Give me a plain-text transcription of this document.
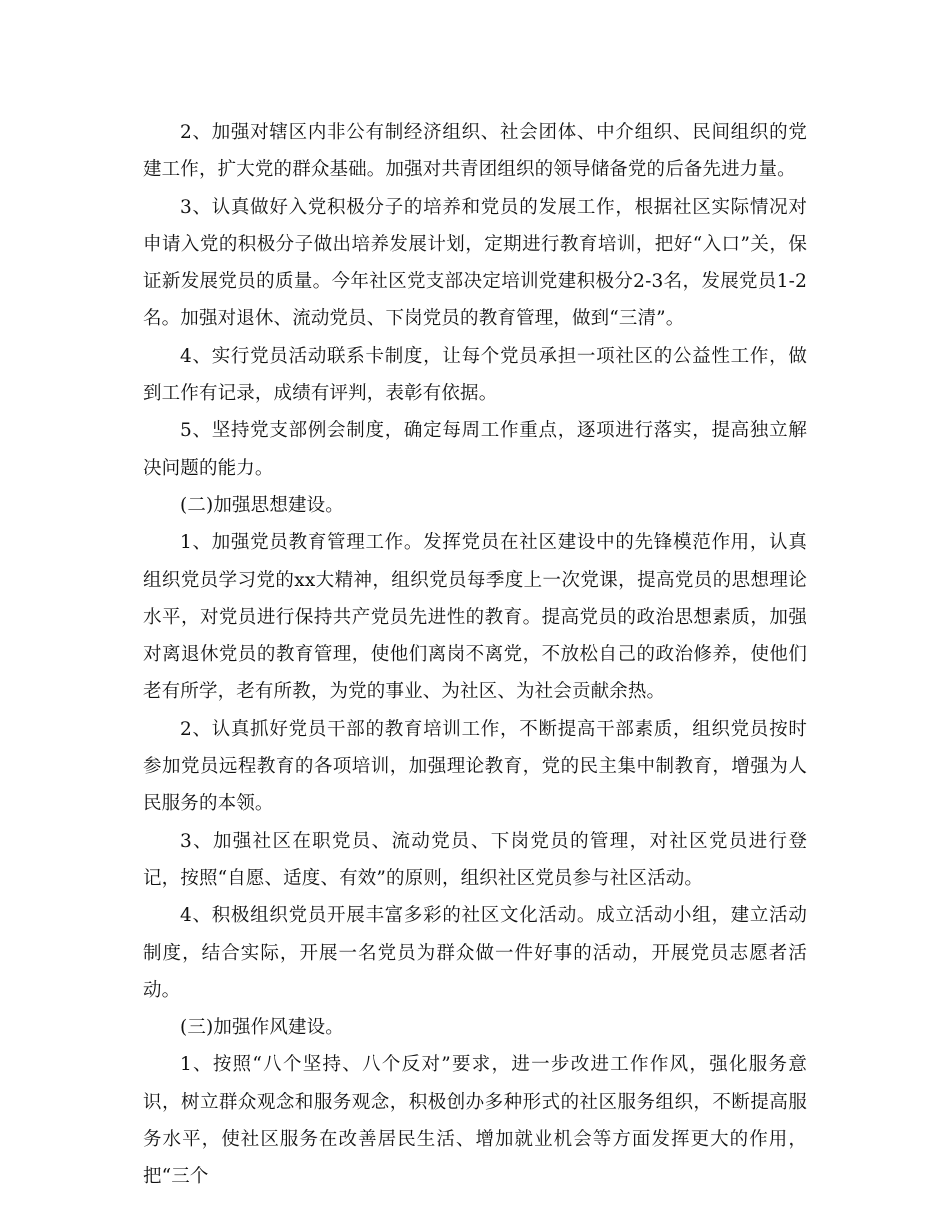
2、加强对辖区内非公有制经济组织、社会团体、中介组织、民间组织的党建工作，扩大党的群众基础。加强对共青团组织的领导储备党的后备先进力量。

3、认真做好入党积极分子的培养和党员的发展工作，根据社区实际情况对申请入党的积极分子做出培养发展计划，定期进行教育培训，把好“入口”关，保证新发展党员的质量。今年社区党支部决定培训党建积极分2-3名，发展党员1-2名。加强对退休、流动党员、下岗党员的教育管理，做到“三清”。

4、实行党员活动联系卡制度，让每个党员承担一项社区的公益性工作，做到工作有记录，成绩有评判，表彰有依据。

5、坚持党支部例会制度，确定每周工作重点，逐项进行落实，提高独立解决问题的能力。

(二)加强思想建设。

1、加强党员教育管理工作。发挥党员在社区建设中的先锋模范作用，认真组织党员学习党的xx大精神，组织党员每季度上一次党课，提高党员的思想理论水平，对党员进行保持共产党员先进性的教育。提高党员的政治思想素质，加强对离退休党员的教育管理，使他们离岗不离党，不放松自己的政治修养，使他们老有所学，老有所教，为党的事业、为社区、为社会贡献余热。

2、认真抓好党员干部的教育培训工作，不断提高干部素质，组织党员按时参加党员远程教育的各项培训，加强理论教育，党的民主集中制教育，增强为人民服务的本领。

3、加强社区在职党员、流动党员、下岗党员的管理，对社区党员进行登记，按照“自愿、适度、有效”的原则，组织社区党员参与社区活动。

4、积极组织党员开展丰富多彩的社区文化活动。成立活动小组，建立活动制度，结合实际，开展一名党员为群众做一件好事的活动，开展党员志愿者活动。

(三)加强作风建设。

1、按照“八个坚持、八个反对”要求，进一步改进工作作风，强化服务意识，树立群众观念和服务观念，积极创办多种形式的社区服务组织，不断提高服务水平，使社区服务在改善居民生活、增加就业机会等方面发挥更大的作用，把“三个
